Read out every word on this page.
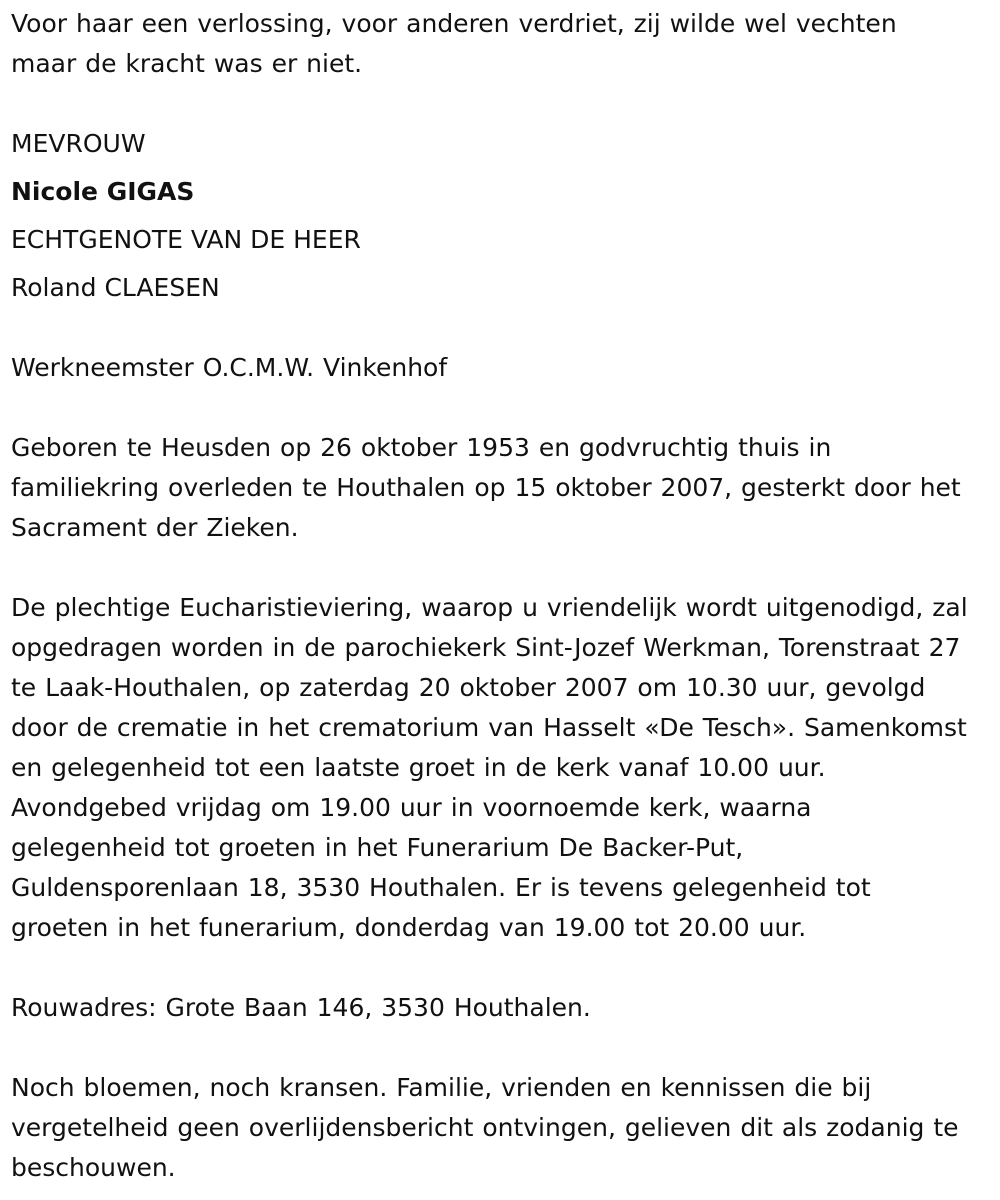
Voor haar een verlossing, voor anderen verdriet, zij wilde wel vechten maar de kracht was er niet.

MEVROUW
Nicole GIGAS
ECHTGENOTE VAN DE HEER
Roland CLAESEN

Werkneemster O.C.M.W. Vinkenhof

Geboren te Heusden op 26 oktober 1953 en godvruchtig thuis in familiekring overleden te Houthalen op 15 oktober 2007, gesterkt door het Sacrament der Zieken.

De plechtige Eucharistieviering, waarop u vriendelijk wordt uitgenodigd, zal opgedragen worden in de parochiekerk Sint-Jozef Werkman, Torenstraat 27 te Laak-Houthalen, op zaterdag 20 oktober 2007 om 10.30 uur, gevolgd door de crematie in het crematorium van Hasselt «De Tesch». Samenkomst en gelegenheid tot een laatste groet in de kerk vanaf 10.00 uur. Avondgebed vrijdag om 19.00 uur in voornoemde kerk, waarna gelegenheid tot groeten in het Funerarium De Backer-Put, Guldensporenlaan 18, 3530 Houthalen. Er is tevens gelegenheid tot groeten in het funerarium, donderdag van 19.00 tot 20.00 uur.

Rouwadres: Grote Baan 146, 3530 Houthalen.

Noch bloemen, noch kransen. Familie, vrienden en kennissen die bij vergetelheid geen overlijdensbericht ontvingen, gelieven dit als zodanig te beschouwen.
